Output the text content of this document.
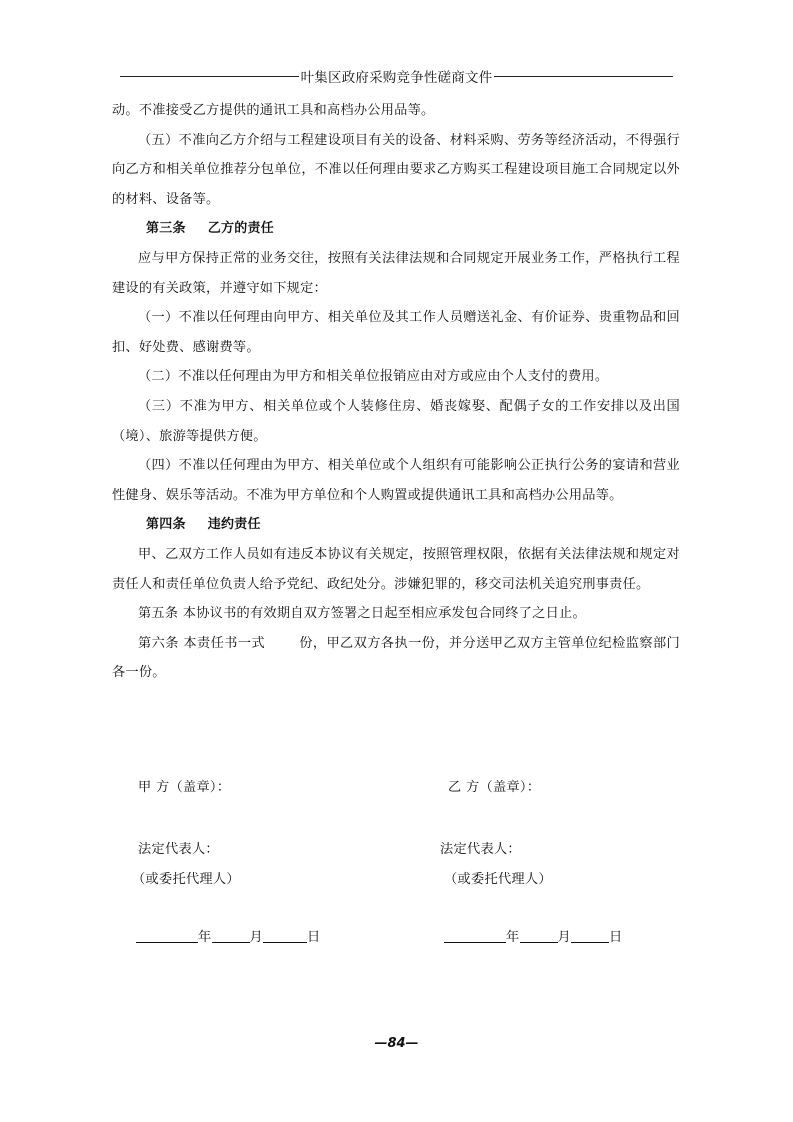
叶集区政府采购竞争性磋商文件

动。不准接受乙方提供的通讯工具和高档办公用品等。

（五）不准向乙方介绍与工程建设项目有关的设备、材料采购、劳务等经济活动，不得强行向乙方和相关单位推荐分包单位，不准以任何理由要求乙方购买工程建设项目施工合同规定以外的材料、设备等。

第三条 乙方的责任

应与甲方保持正常的业务交往，按照有关法律法规和合同规定开展业务工作，严格执行工程建设的有关政策，并遵守如下规定：

（一）不准以任何理由向甲方、相关单位及其工作人员赠送礼金、有价证券、贵重物品和回扣、好处费、感谢费等。

（二）不准以任何理由为甲方和相关单位报销应由对方或应由个人支付的费用。

（三）不准为甲方、相关单位或个人装修住房、婚丧嫁娶、配偶子女的工作安排以及出国（境）、旅游等提供方便。

（四）不准以任何理由为甲方、相关单位或个人组织有可能影响公正执行公务的宴请和营业性健身、娱乐等活动。不准为甲方单位和个人购置或提供通讯工具和高档办公用品等。

第四条 违约责任

甲、乙双方工作人员如有违反本协议有关规定，按照管理权限，依据有关法律法规和规定对责任人和责任单位负责人给予党纪、政纪处分。涉嫌犯罪的，移交司法机关追究刑事责任。

第五条 本协议书的有效期自双方签署之日起至相应承发包合同终了之日止。

第六条 本责任书一式	份，甲乙双方各执一份，并分送甲乙双方主管单位纪检监察部门各一份。

甲 方（盖章）：	乙 方（盖章）：
法定代表人：	法定代表人：
（或委托代理人）	（或委托代理人）
年	月	日	年	月	日
—84—
